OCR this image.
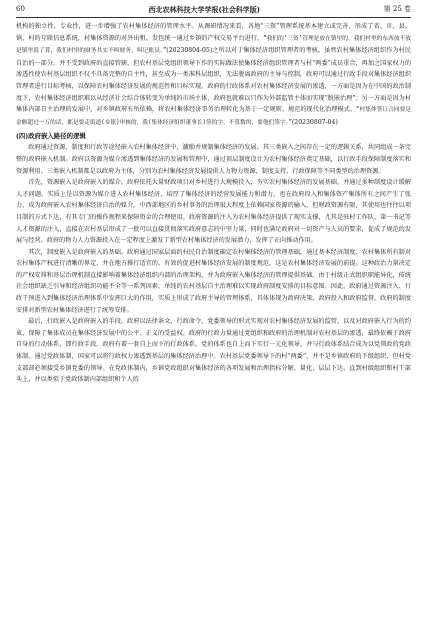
60	西北农林科技大学学报(社会科学版)	第 25 卷

机构的独立性、专业性，进一步增强了农村集体经济的管理水平。从调研情况来看，各地“三资”管理系统基本建立或完善，形成了省、市、县、镇、村的互联信息系统，村集体资源的对外出租、发包统一通过乡镇的产权交易平台进行。“我们的‘三资’管理是放在镇里的，我们村里的东西放不放是镇里说了算，我们村里的财务其实不叫财务，叫记账员。”(20230804-05)之所以对于集体经济组织管理者的考核。虽然农村集体经济组织作为村民自治的一部分，并不受到政府的直接管辖，但农村基层党组织领导下作的实际做法使集体经济组织管理者与村“两委”成员重合，再加之国家权力的渗透性使农村基层组织不仅不具备完整的自主性，甚至成为一类准科层组织，无法脱离政府的主导与控制，政府可以通过行政手段对集体经济组织管理者进行目标考核，以保障农村集体经济发展的规范性和目标实现。政府的行政体系对农村集体经济发展的渗透，一方面是因为在中国的政治制度下，农村集体经济组织难以从经济社会综合体转变为单纯的市场主体，政府也就难以只作为外部监管主体而实现“脱嵌治理”；另一方面是因为村集体内部自主治理的发展中，对乡镇政府有所依赖，将农村集体经济事务治理转化为基于一定规则、规范的现代化治理模式。“村集体签订合同要是金额超过一万的话，都是要走街道(乡镇)审核的，我(集体经济组织董事长)签的字，不算数的，要他们签字。”(20230807-04)

(四)政府嵌入路径的逻辑

政府通过资源、制度和行政等途径嵌入农村集体经济中，激励并规制集体经济的发展。其三类嵌入之间存在一定的逻辑关系，共同组成一条完整的政府嵌入机制。政府以资源为媒介渗透到集体经济的发展和管理中，通过顶层制度设计为农村集体经济奠定基础，以行政手段保障制度落实和资源利用。三类嵌入机制都是以政府为主体，分别为农村集体经济发展提供人力物力资源、制度支持、行政保障等不同类型的治理资源。

首先，资源嵌入是政府嵌入的媒介。政府依托大量财政项目对乡村进行大规模投入，夯实农村集体经济的发展基础，并通过多种制度设计缓解人才问题。实质上是以资源为媒介进入农村集体经济，培厚了集体经济的经营发展能力和潜力，也在政府投入和集体资产集体所有之间产生了张力，成为政府嵌入农村集体经济自治的媒介。中西部地区的乡村事务的治理很大程度上依赖国家资源的输入，但财政资源有限，其使用也往往以项目制的方式下达，有其专门的操作规程来保障资金的合理使用。政府资源的注入为农村集体经济提供了现实支撑，尤其是驻村工作队、第一书记等人才资源的注入，直接在农村基层形成了一批可以直接贯彻落实政府意志的中坚力量，同时也满足政府对一切资产与人员的要求，促成了规范的发展与经营。政府的物力人力资源投入在一定程度上激发了新型农村集体经济的发展潜力，发挥了正向推动作用。

其次，制度嵌入是政府嵌入的基础。政府通过国家层面的村民自治制度确定农村集体经济的管理基础，通过基本经济制度、农村集体所有制对农村集体产权进行清晰的界定，并在地方推行适宜的、有效的促进村集体经济发展的制度规范，这是农村集体经济发展的前提。这种政治力量决定的产权安排和基层治理机制直接影响着集体经济组织内部的治理架构，并为政府嵌入集体经济的管理提供基础。由于村级正式组织职能异化，传统社会组织缺乏引导和经济组织功能不全等一系列因素，单纯的农村基层自主治理难以实现政府制度安排的目标意图。因此，政府通过资源注入、行政干预进入到集体经济治理体系中发挥巨大的作用，实质上形成了政府主导的管理体系，具体体现为政府决策、政府投入和政府监督，政府的制度安排对新型农村集体经济进行了统筹安排。

最后，行政嵌入是政府嵌入的手段。政府以法律条文、行政命令、党委领导的形式实现对农村集体经济发展的监管，以及对政府嵌入行为的约束，保障了集体成员在集体经济发展中的公平、正义的受益权。政府的行政力量通过党组织和政府的治理机制对农村基层的渗透，最终依赖于政府自身的行动体系，即行政手段。政府有着一套自上而下的行政体系，党的体系也自上而下实行一元化领导，并与行政体系结合成为以党领政的党政体制。通过党政体制，国家可以将行政权力渗透到基层的集体经济治理中。农村基层党委领导下的村“两委”，并不是乡镇政府的下级组织，但村党支部却必须接受乡镇党委的领导。在党政体制内，乡镇党政组织对集体经济的各项发展和治理指标分解、量化，层层下达，直到村级组织和村干部头上，并以类似于党政体制内部组织和个人的
